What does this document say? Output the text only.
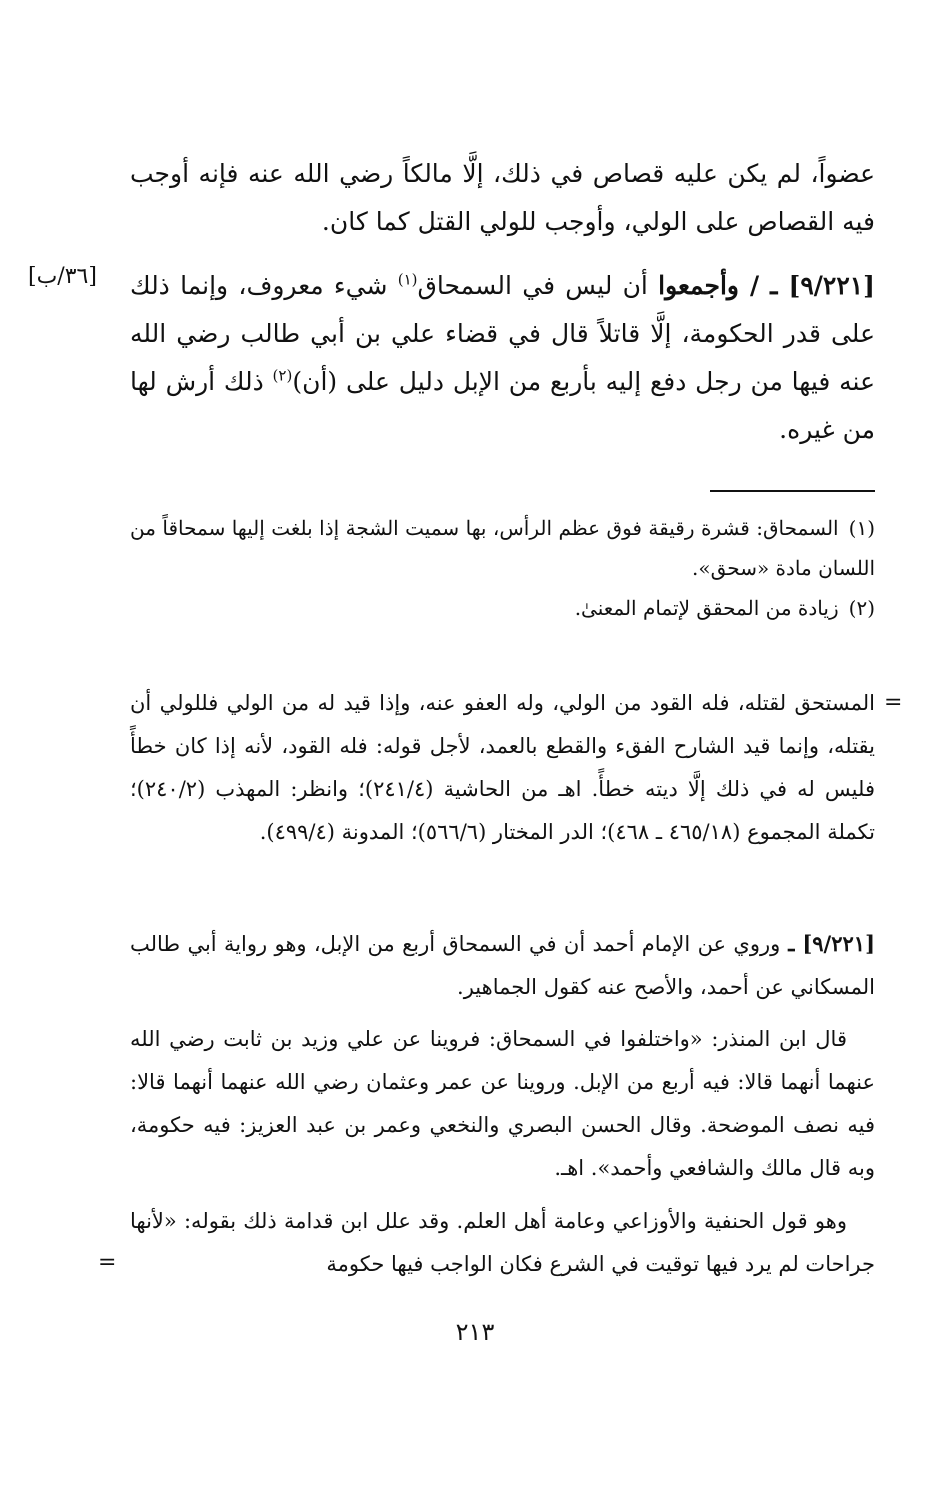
عضواً، لم يكن عليه قصاص في ذلك، إلَّا مالكاً رضي الله عنه فإنه أوجب فيه القصاص على الولي، وأوجب للولي القتل كما كان.

[٩/٢٢١] ـ / وأجمعوا أن ليس في السمحاق$^{(١)}$ شيء معروف، وإنما ذلك على قدر الحكومة، إلَّا قاتلاً قال في قضاء علي بن أبي طالب رضي الله عنه فيها من رجل دفع إليه بأربع من الإبل دليل على (أن)$^{(٢)}$ ذلك أرش لها من غيره.

[٣٦/ب]

(١)السمحاق: قشرة رقيقة فوق عظم الرأس، بها سميت الشجة إذا بلغت إليها سمحاقاً من اللسان مادة «سحق».

(٢)زيادة من المحقق لإتمام المعنىٰ.

=

المستحق لقتله، فله القود من الولي، وله العفو عنه، وإذا قيد له من الولي فللولي أن يقتله، وإنما قيد الشارح الفقء والقطع بالعمد، لأجل قوله: فله القود، لأنه إذا كان خطأً فليس له في ذلك إلَّا ديته خطأً. اهـ من الحاشية (٢٤١/٤)؛ وانظر: المهذب (٢٤٠/٢)؛ تكملة المجموع (٤٦٥/١٨ ـ ٤٦٨)؛ الدر المختار (٥٦٦/٦)؛ المدونة (٤٩٩/٤).

[٩/٢٢١] ـ وروي عن الإمام أحمد أن في السمحاق أربع من الإبل، وهو رواية أبي طالب المسكاني عن أحمد، والأصح عنه كقول الجماهير.

قال ابن المنذر: «واختلفوا في السمحاق: فروينا عن علي وزيد بن ثابت رضي الله عنهما أنهما قالا: فيه أربع من الإبل. وروينا عن عمر وعثمان رضي الله عنهما أنهما قالا: فيه نصف الموضحة. وقال الحسن البصري والنخعي وعمر بن عبد العزيز: فيه حكومة، وبه قال مالك والشافعي وأحمد». اهـ.

وهو قول الحنفية والأوزاعي وعامة أهل العلم. وقد علل ابن قدامة ذلك بقوله: «لأنها جراحات لم يرد فيها توقيت في الشرع فكان الواجب فيها حكومة

=
٢١٣
